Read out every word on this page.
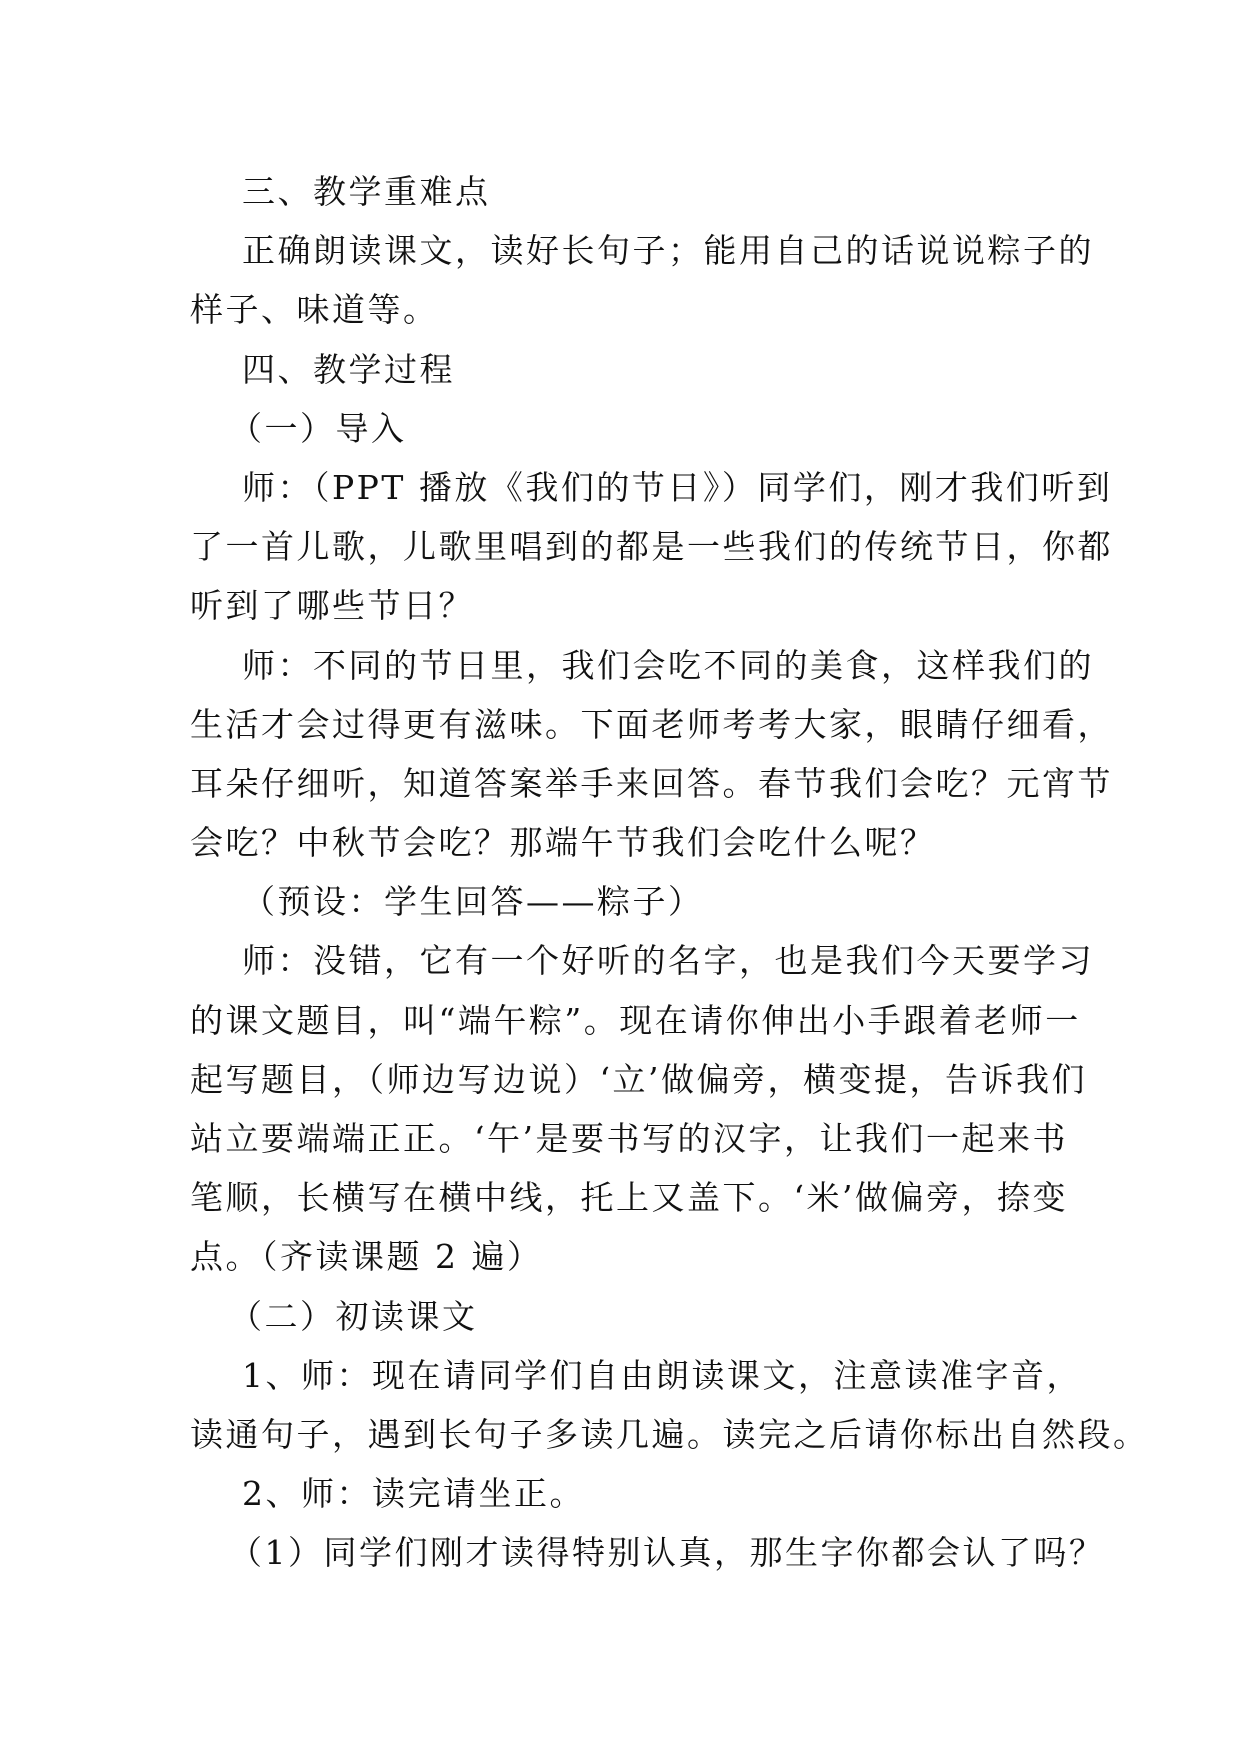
三、教学重难点
正确朗读课文，读好长句子；能用自己的话说说粽子的
样子、味道等。
四、教学过程
（一）导入
师：（PPT 播放《我们的节日》）同学们，刚才我们听到
了一首儿歌，儿歌里唱到的都是一些我们的传统节日，你都
听到了哪些节日？
师：不同的节日里，我们会吃不同的美食，这样我们的
生活才会过得更有滋味。下面老师考考大家，眼睛仔细看，
耳朵仔细听，知道答案举手来回答。春节我们会吃？元宵节
会吃？中秋节会吃？那端午节我们会吃什么呢？
（预设：学生回答——粽子）
师：没错，它有一个好听的名字，也是我们今天要学习
的课文题目，叫“端午粽”。现在请你伸出小手跟着老师一
起写题目，（师边写边说）‘立’做偏旁，横变提，告诉我们
站立要端端正正。‘午’是要书写的汉字，让我们一起来书
笔顺，长横写在横中线，托上又盖下。‘米’做偏旁，捺变
点。（齐读课题 2 遍）
（二）初读课文
1、师：现在请同学们自由朗读课文，注意读准字音，
读通句子，遇到长句子多读几遍。读完之后请你标出自然段。
2、师：读完请坐正。
（1）同学们刚才读得特别认真，那生字你都会认了吗？
